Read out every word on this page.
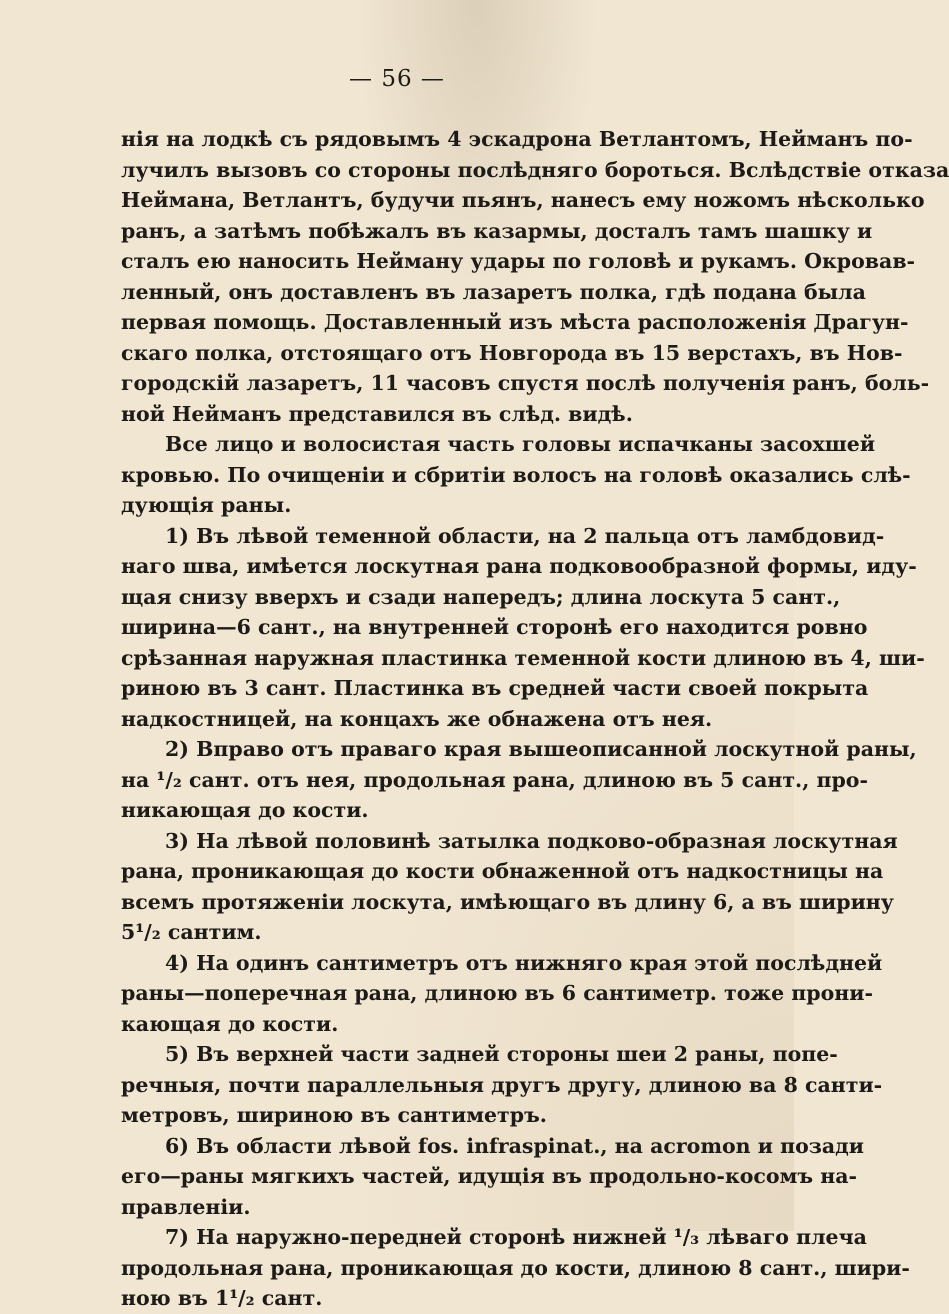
— 56 —
нія на лодкѣ съ рядовымъ 4 эскадрона Ветлантомъ, Нейманъ по-
лучилъ вызовъ со стороны послѣдняго бороться. Вслѣдствіе отказа
Неймана, Ветлантъ, будучи пьянъ, нанесъ ему ножомъ нѣсколько
ранъ, а затѣмъ побѣжалъ въ казармы, досталъ тамъ шашку и
сталъ ею наносить Нейману удары по головѣ и рукамъ. Окровав-
ленный, онъ доставленъ въ лазаретъ полка, гдѣ подана была
первая помощь. Доставленный изъ мѣста расположенія Драгун-
скаго полка, отстоящаго отъ Новгорода въ 15 верстахъ, въ Нов-
городскій лазаретъ, 11 часовъ спустя послѣ полученія ранъ, боль-
ной Нейманъ представился въ слѣд. видѣ.
Все лицо и волосистая часть головы испачканы засохшей
кровью. По очищеніи и сбритіи волосъ на головѣ оказались слѣ-
дующія раны.
1) Въ лѣвой теменной области, на 2 пальца отъ ламбдовид-
наго шва, имѣется лоскутная рана подковообразной формы, иду-
щая снизу вверхъ и сзади напередъ; длина лоскута 5 сант.,
ширина—6 сант., на внутренней сторонѣ его находится ровно
срѣзанная наружная пластинка теменной кости длиною въ 4, ши-
риною въ 3 сант. Пластинка въ средней части своей покрыта
надкостницей, на концахъ же обнажена отъ нея.
2) Вправо отъ праваго края вышеописанной лоскутной раны,
на ¹/₂ сант. отъ нея, продольная рана, длиною въ 5 сант., про-
никающая до кости.
3) На лѣвой половинѣ затылка подково-образная лоскутная
рана, проникающая до кости обнаженной отъ надкостницы на
всемъ протяженіи лоскута, имѣющаго въ длину 6, а въ ширину
5¹/₂ сантим.
4) На одинъ сантиметръ отъ нижняго края этой послѣдней
раны—поперечная рана, длиною въ 6 сантиметр. тоже прони-
кающая до кости.
5) Въ верхней части задней стороны шеи 2 раны, попе-
речныя, почти параллельныя другъ другу, длиною ва 8 санти-
метровъ, шириною въ сантиметръ.
6) Въ области лѣвой fos. infraspinat., на acromon и позади
его—раны мягкихъ частей, идущія въ продольно-косомъ на-
правленіи.
7) На наружно-передней сторонѣ нижней ¹/₃ лѣваго плеча
продольная рана, проникающая до кости, длиною 8 сант., шири-
ною въ 1¹/₂ сант.
